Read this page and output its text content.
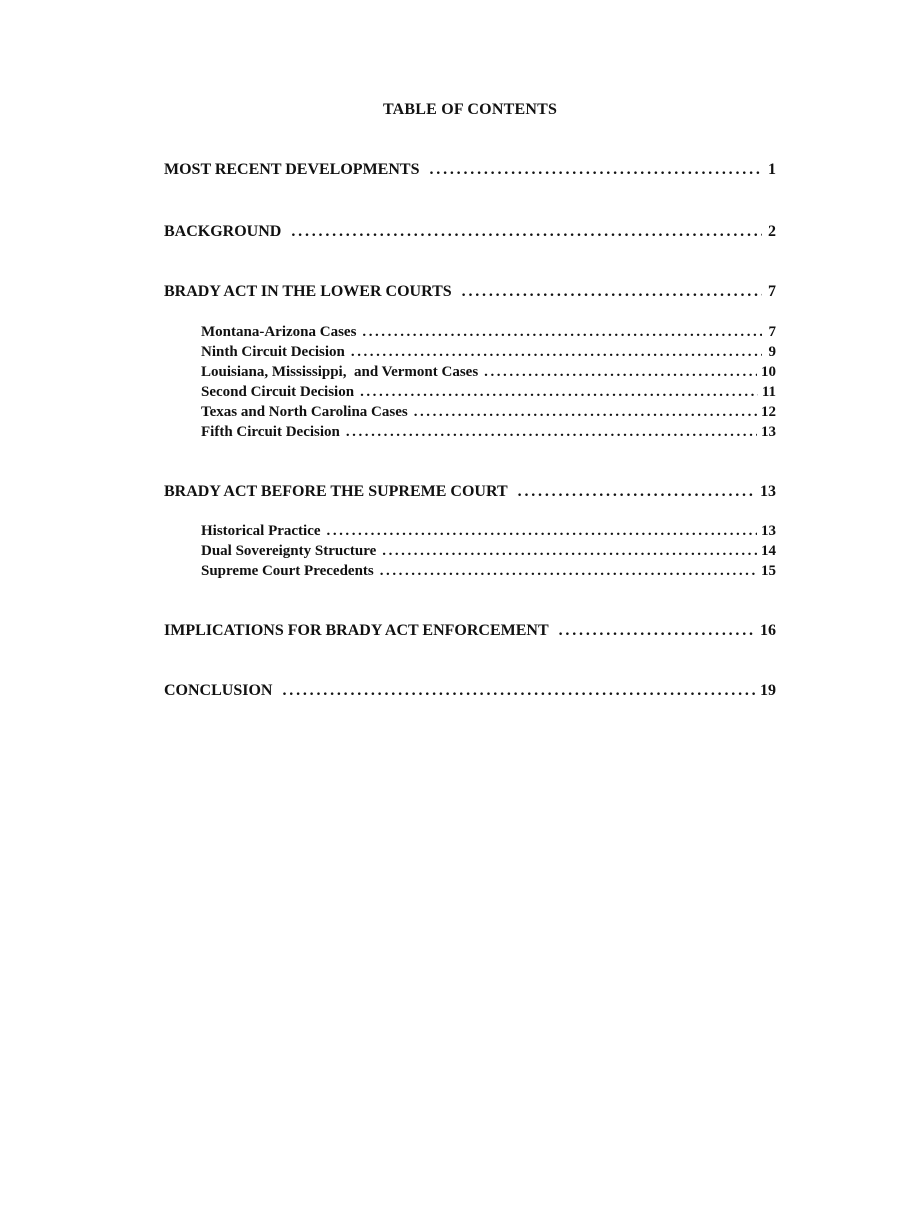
TABLE OF CONTENTS
MOST RECENT DEVELOPMENTS . . .	1
BACKGROUND . . .	2
BRADY ACT IN THE LOWER COURTS . . .	7
Montana-Arizona Cases . . .	7
Ninth Circuit Decision . . .	9
Louisiana, Mississippi,  and Vermont Cases . . .	10
Second Circuit Decision . . .	11
Texas and North Carolina Cases . . .	12
Fifth Circuit Decision . . .	13
BRADY ACT BEFORE THE SUPREME COURT . . .	13
Historical Practice . . .	13
Dual Sovereignty Structure . . .	14
Supreme Court Precedents . . .	15
IMPLICATIONS FOR BRADY ACT ENFORCEMENT . . .	16
CONCLUSION . . .	19
